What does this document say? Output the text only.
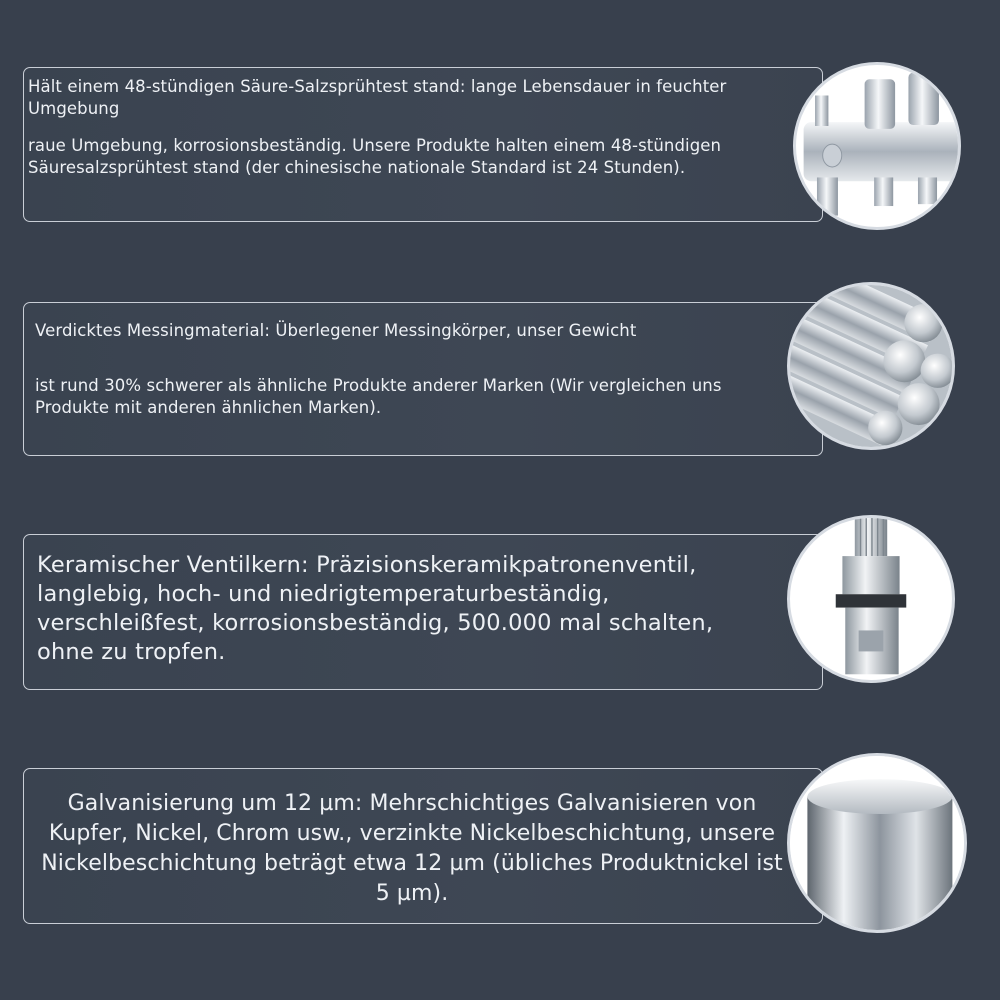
Hält einem 48-stündigen Säure-Salzsprühtest stand: lange Lebensdauer in feuchter Umgebung
raue Umgebung, korrosionsbeständig. Unsere Produkte halten einem 48-stündigen Säuresalzsprühtest stand (der chinesische nationale Standard ist 24 Stunden).
Verdicktes Messingmaterial: Überlegener Messingkörper, unser Gewicht
ist rund 30% schwerer als ähnliche Produkte anderer Marken (Wir vergleichen uns Produkte mit anderen ähnlichen Marken).
Keramischer Ventilkern: Präzisionskeramikpatronenventil, langlebig, hoch- und niedrigtemperaturbeständig, verschleißfest, korrosionsbeständig, 500.000 mal schalten, ohne zu tropfen.
Galvanisierung um 12 µm: Mehrschichtiges Galvanisieren von Kupfer, Nickel, Chrom usw., verzinkte Nickelbeschichtung, unsere Nickelbeschichtung beträgt etwa 12 µm (übliches Produktnickel ist 5 µm).
